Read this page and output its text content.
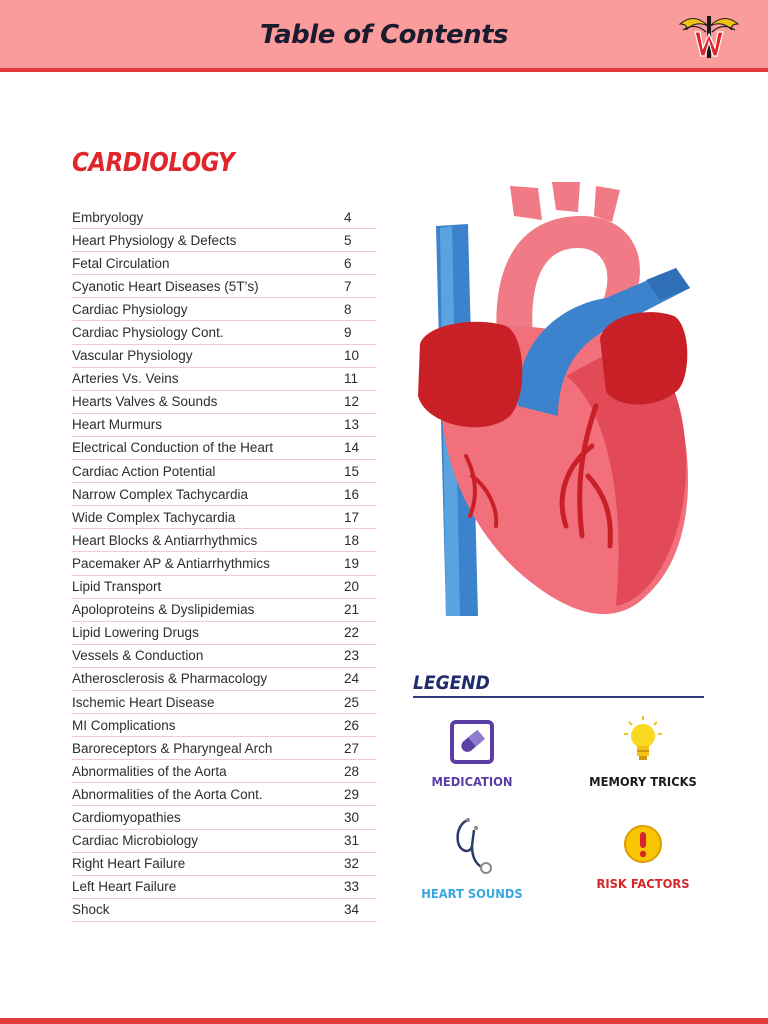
Table of Contents
CARDIOLOGY
Embryology	4
Heart Physiology & Defects	5
Fetal Circulation	6
Cyanotic Heart Diseases (5T’s)	7
Cardiac Physiology	8
Cardiac Physiology Cont.	9
Vascular Physiology	10
Arteries Vs. Veins	11
Hearts Valves & Sounds	12
Heart Murmurs	13
Electrical Conduction of the Heart	14
Cardiac Action Potential	15
Narrow Complex Tachycardia	16
Wide Complex Tachycardia	17
Heart Blocks & Antiarrhythmics	18
Pacemaker AP & Antiarrhythmics	19
Lipid Transport	20
Apoloproteins & Dyslipidemias	21
Lipid Lowering Drugs	22
Vessels & Conduction	23
Atherosclerosis & Pharmacology	24
Ischemic Heart Disease	25
MI Complications	26
Baroreceptors & Pharyngeal Arch	27
Abnormalities of the Aorta	28
Abnormalities of the Aorta Cont.	29
Cardiomyopathies	30
Cardiac Microbiology	31
Right Heart Failure	32
Left Heart Failure	33
Shock	34
LEGEND
MEDICATION	MEMORY TRICKS
HEART SOUNDS
RISK FACTORS
